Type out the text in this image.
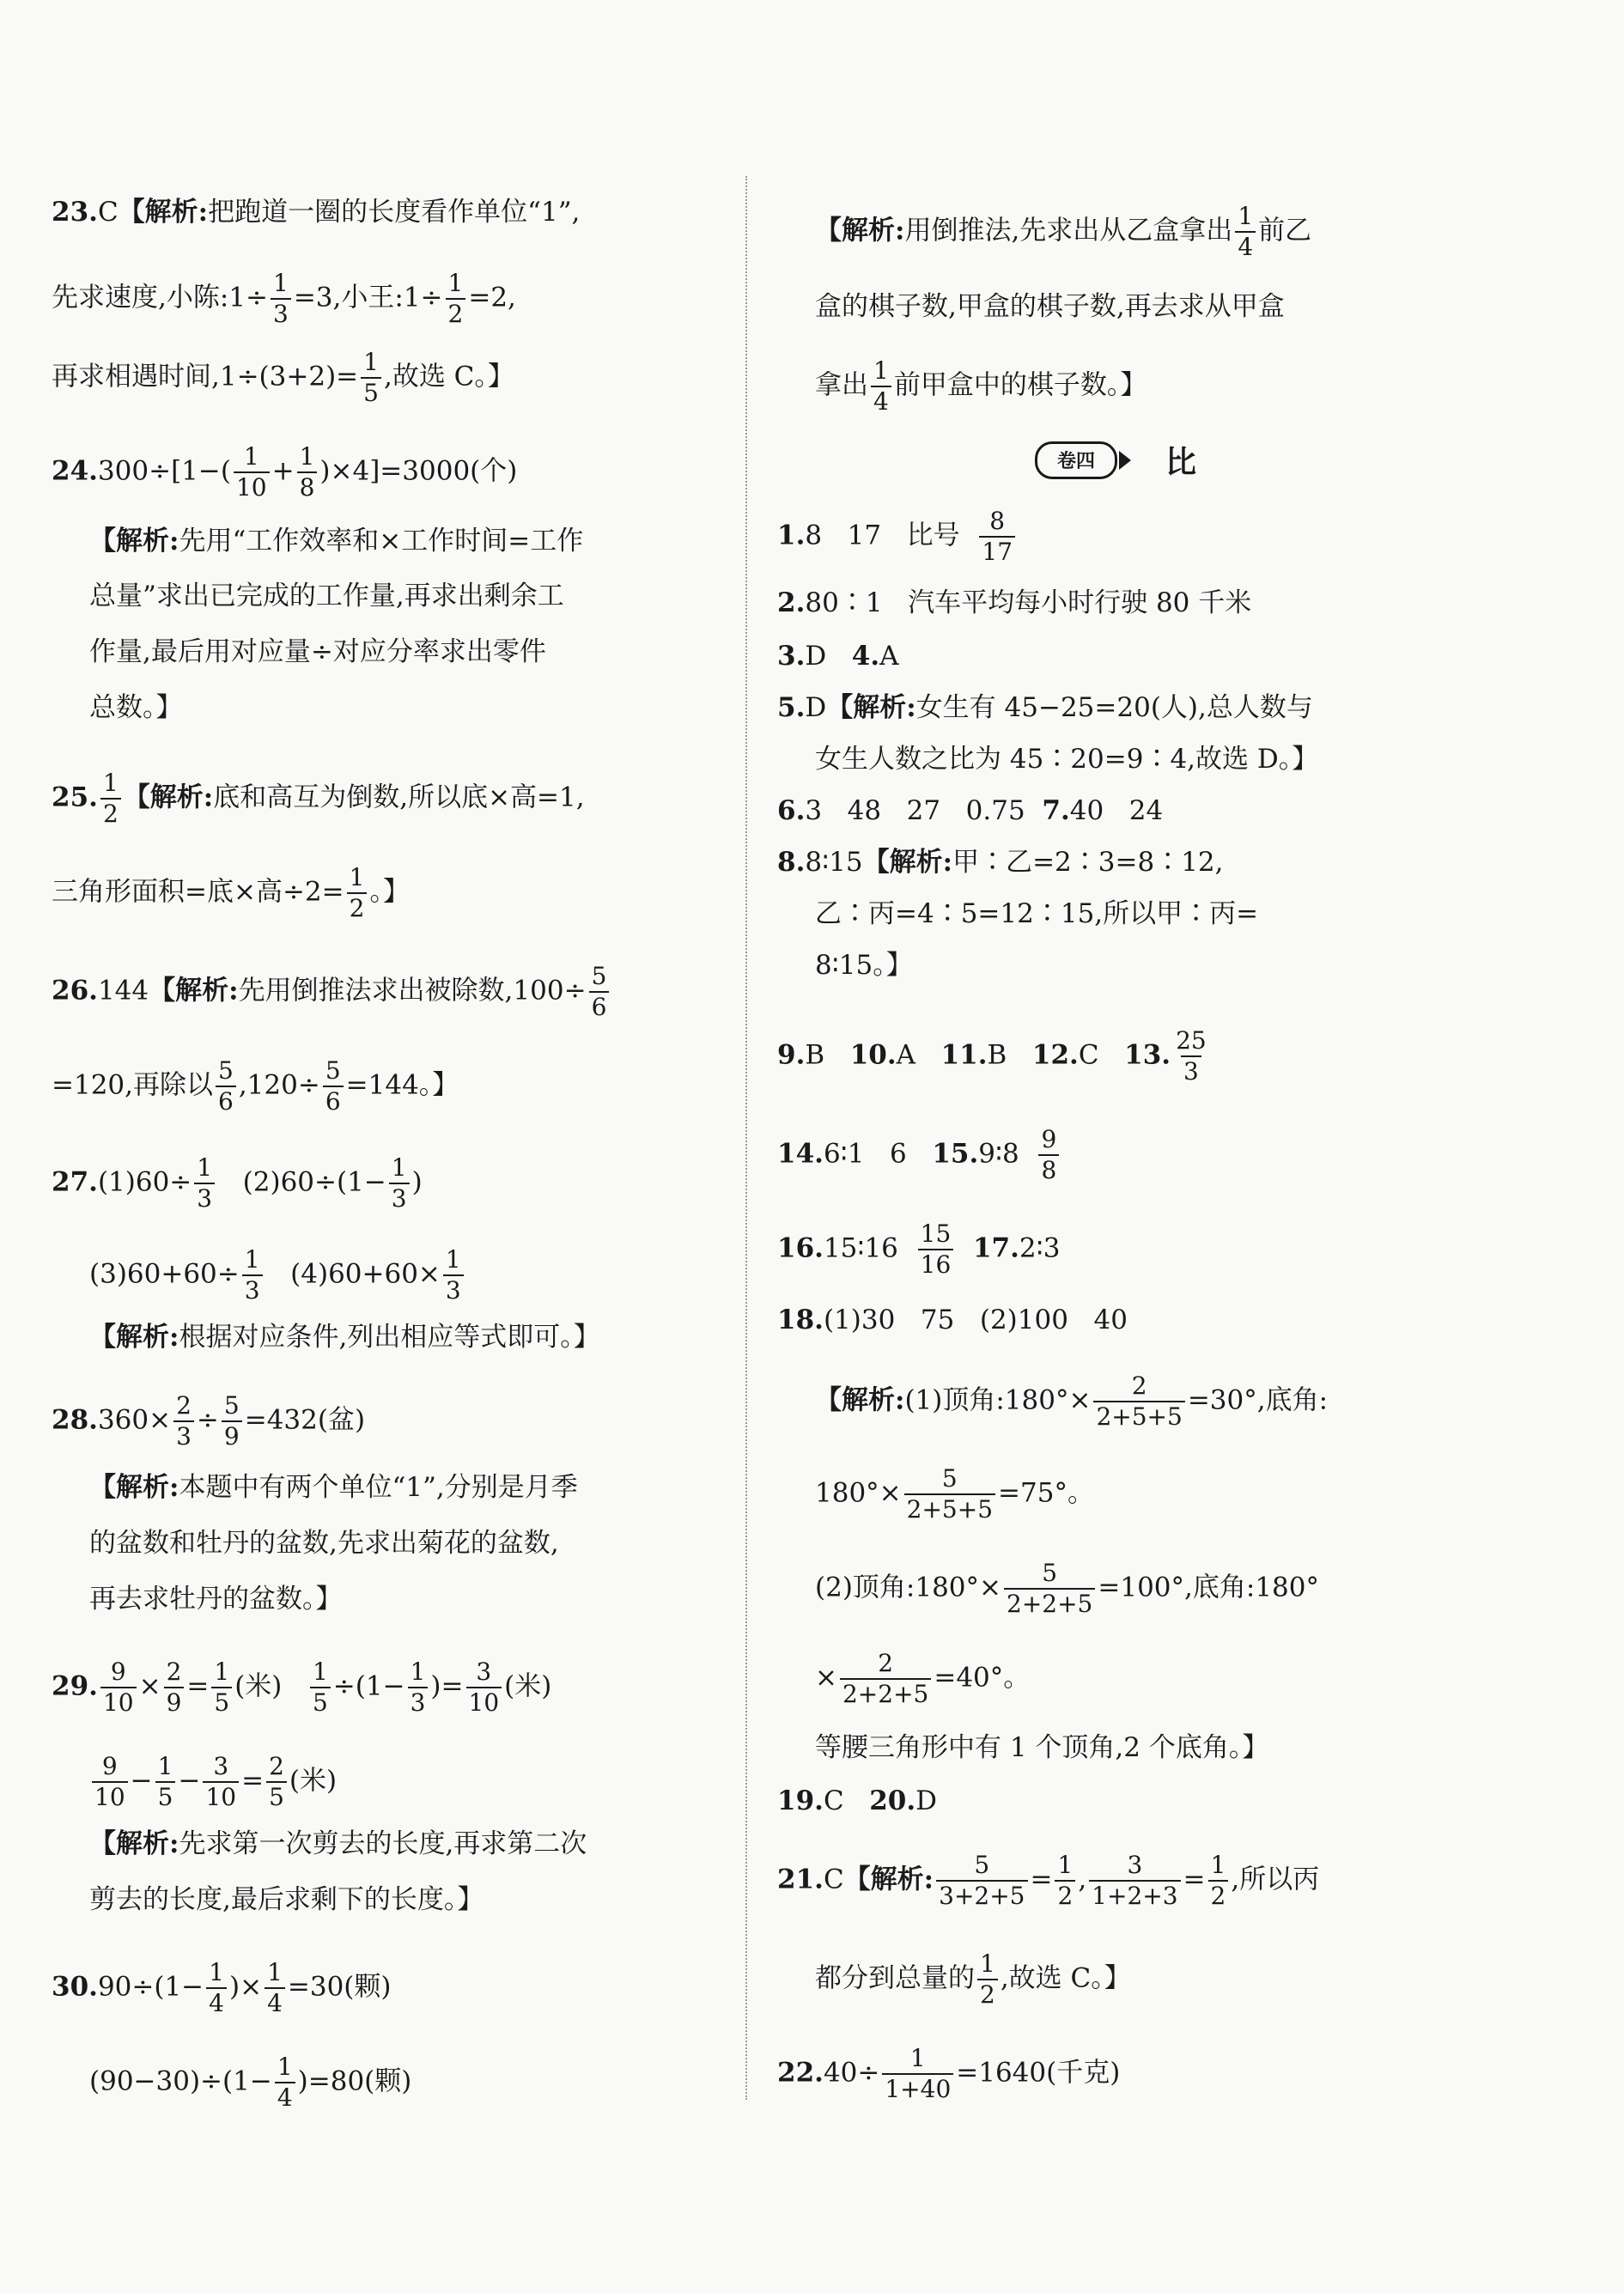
23.C【解析:把跑道一圈的长度看作单位“1”,
先求速度,小陈:1÷ $\frac{1}{3} =3$,小王:1÷ $\frac{1}{2} =2$,
再求相遇时间$,1\div(3+2)= \frac{1}{5}$ ,故选 C。】
$24.300\div[1-( \frac{1}{10} + \frac{1}{8} )\times 4]=3000$(个)
【解析:先用“工作效率和×工作时间=工作
总量”求出已完成的工作量,再求出剩余工
作量,最后用对应量÷对应分率求出零件
总数。】
25. $\frac{1}{2}$ 【解析:底和高互为倒数,所以底×高=1,
三角形面积=底×高$\div 2= \frac{1}{2}$ 。】
26.144【解析:先用倒推法求出被除数$,100\div \frac{5}{6}$
=120,再除以 $\frac{5}{6} ,120\div \frac{5}{6} =144$。】
$27.(1)60\div \frac{1}{3} (2)60\div(1- \frac{1}{3}$ )
$(3)60+60\div \frac{1}{3} (4)60+60\times \frac{1}{3}$
【解析:根据对应条件,列出相应等式即可。】
$28.360\times \frac{2}{3} \div \frac{5}{9} =432$(盆)
【解析:本题中有两个单位“1”,分别是月季
的盆数和牡丹的盆数,先求出菊花的盆数,
再去求牡丹的盆数。】
29. $\frac{9}{10} \times \frac{2}{9} = \frac{1}{5}$ (米) $\frac{1}{5} \div(1- \frac{1}{3}$ )= $\frac{3}{10}$ (米)
$\frac{9}{10} - \frac{1}{5} - \frac{3}{10} = \frac{2}{5}$ (米)
【解析:先求第一次剪去的长度,再求第二次
剪去的长度,最后求剩下的长度。】
$30.90\div(1- \frac{1}{4}$ )× $\frac{1}{4} =30$(颗)
$(90-30)\div(1- \frac{1}{4} )=80$(颗)
【解析:用倒推法,先求出从乙盒拿出 $\frac{1}{4}$ 前乙
盒的棋子数,甲盒的棋子数,再去求从甲盒
拿出 $\frac{1}{4}$ 前甲盒中的棋子数。】
卷四	比
1.8   17   比号 $\frac{8}{17}$
2.80∶1   汽车平均每小时行驶 80 千米
3.D 4.A
5.D【解析:女生有 45−25=20(人),总人数与
女生人数之比为 45∶20=9∶4,故选 D。】
6.3   48   27   0.75 7.40   24
8.8∶15【解析:甲∶乙=2∶3=8∶12,
乙∶丙=4∶5=12∶15,所以甲∶丙=
8∶15。】
9.B 10.A 11.B 12.C 13. $\frac{25}{3}$
14.6∶1   6 15.9∶8 $\frac{9}{8}$
16.15∶16 $\frac{15}{16}$ 17.2∶3
18.(1)30   75   (2)100   40
【解析:(1)顶角:180°× $\frac{2}{2+5+5} =30^\circ$,底角:
$180^\circ\times \frac{5}{2+5+5} =75^\circ$。
(2)顶角:180°× $\frac{5}{2+2+5} =100^\circ$,底角:180°
× $\frac{2}{2+2+5} =40^\circ$。
等腰三角形中有 1 个顶角,2 个底角。】
19.C 20.D
21.C【解析: $\frac{5}{3+2+5} = \frac{1}{2}$ , $\frac{3}{1+2+3} = \frac{1}{2}$ ,所以丙
都分到总量的 $\frac{1}{2}$ ,故选 C。】
$22.40\div \frac{1}{1+40} =1640$(千克)
